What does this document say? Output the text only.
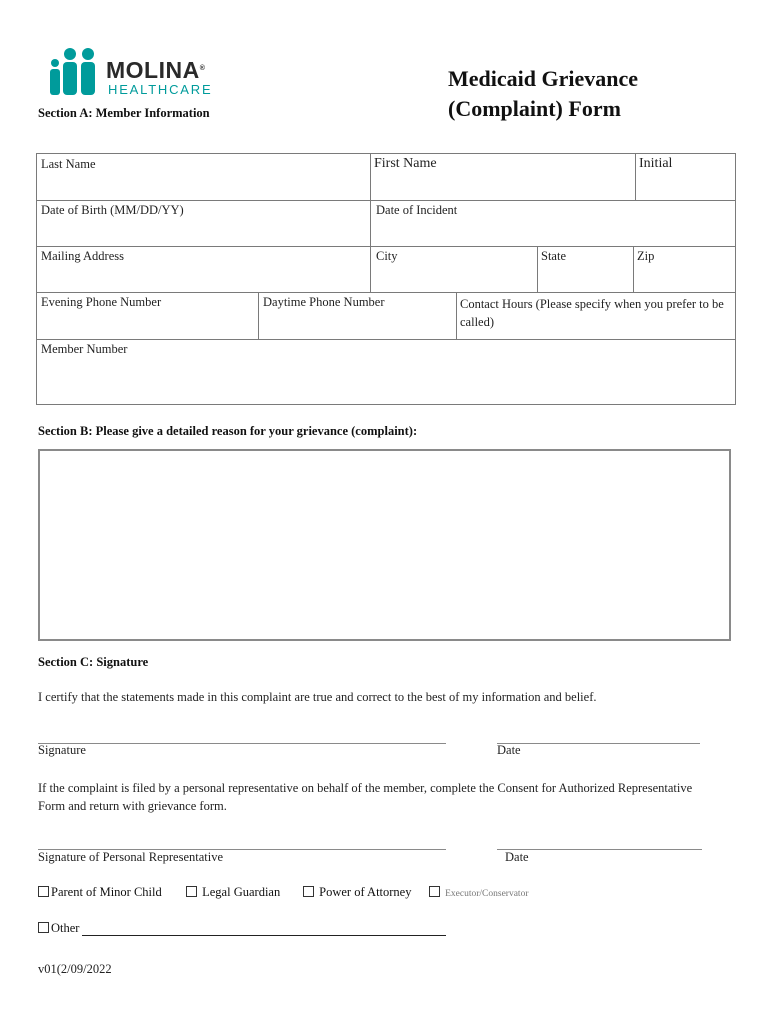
MOLINA®
HEALTHCARE	Medicaid Grievance
(Complaint) Form
Section A: Member Information
Last Name	First Name	Initial
Date of Birth (MM/DD/YY)	Date of Incident
Mailing Address	City	State	Zip
Evening Phone Number	Daytime Phone Number	Contact Hours (Please specify when you prefer to be called)
Member Number
Section B: Please give a detailed reason for your grievance (complaint):
Section C: Signature
I certify that the statements made in this complaint are true and correct to the best of my information and belief.
Signature	Date
If the complaint is filed by a personal representative on behalf of the member, complete the Consent for Authorized Representative Form and return with grievance form.
Signature of Personal Representative	Date
Parent of Minor Child	Legal Guardian	Power of Attorney	Executor/Conservator
Other
v01(2/09/2022
